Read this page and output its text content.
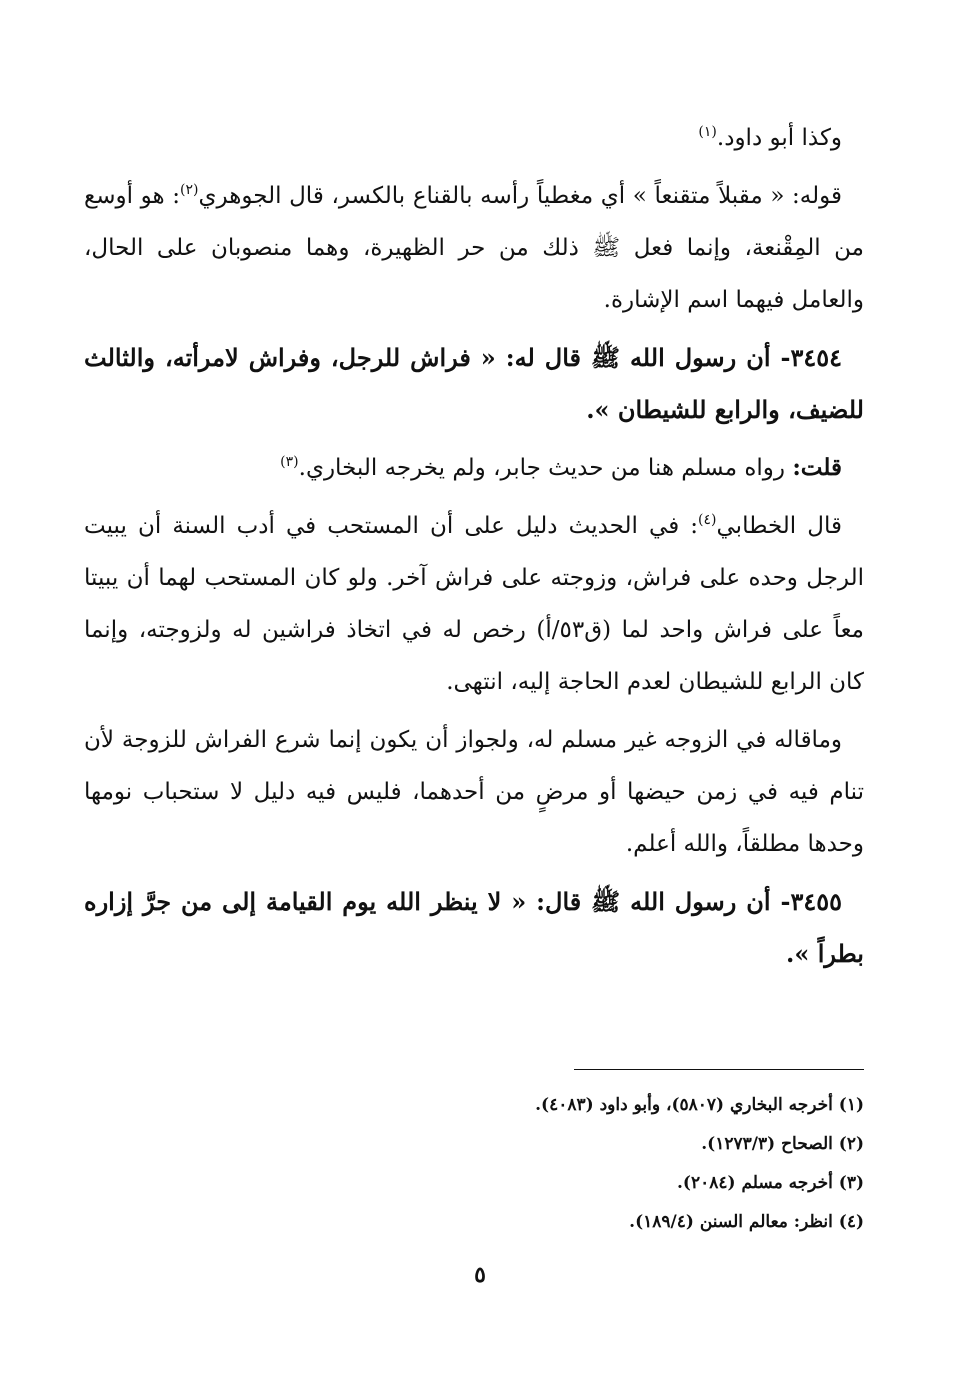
وكذا أبو داود.$^{(١)}$

قوله: « مقبلاً متقنعاً » أي مغطياً رأسه بالقناع بالكسر، قال الجوهري$^{(٢)}$: هو أوسع من المِقْنعة، وإنما فعل ﷺ ذلك من حر الظهيرة، وهما منصوبان على الحال، والعامل فيهما اسم الإشارة.

٣٤٥٤- أن رسول الله ﷺ قال له: « فراش للرجل، وفراش لامرأته، والثالث للضيف، والرابع للشيطان ».

قلت: رواه مسلم هنا من حديث جابر، ولم يخرجه البخاري.$^{(٣)}$

قال الخطابي$^{(٤)}$: في الحديث دليل على أن المستحب في أدب السنة أن يبيت الرجل وحده على فراش، وزوجته على فراش آخر. ولو كان المستحب لهما أن يبيتا معاً على فراش واحد لما (ق٥٣/أ) رخص له في اتخاذ فراشين له ولزوجته، وإنما كان الرابع للشيطان لعدم الحاجة إليه، انتهى.

وماقاله في الزوجه غير مسلم له، ولجواز أن يكون إنما شرع الفراش للزوجة لأن تنام فيه في زمن حيضها أو مرضٍ من أحدهما، فليس فيه دليل لا ستحباب نومها وحدها مطلقاً، والله أعلم.

٣٤٥٥- أن رسول الله ﷺ قال: « لا ينظر الله يوم القيامة إلى من جرَّ إزاره بطراً ».

(١) أخرجه البخاري (٥٨٠٧)، وأبو داود (٤٠٨٣).
(٢) الصحاح (١٢٧٣/٣).
(٣) أخرجه مسلم (٢٠٨٤).
(٤) انظر: معالم السنن (١٨٩/٤).
٥
